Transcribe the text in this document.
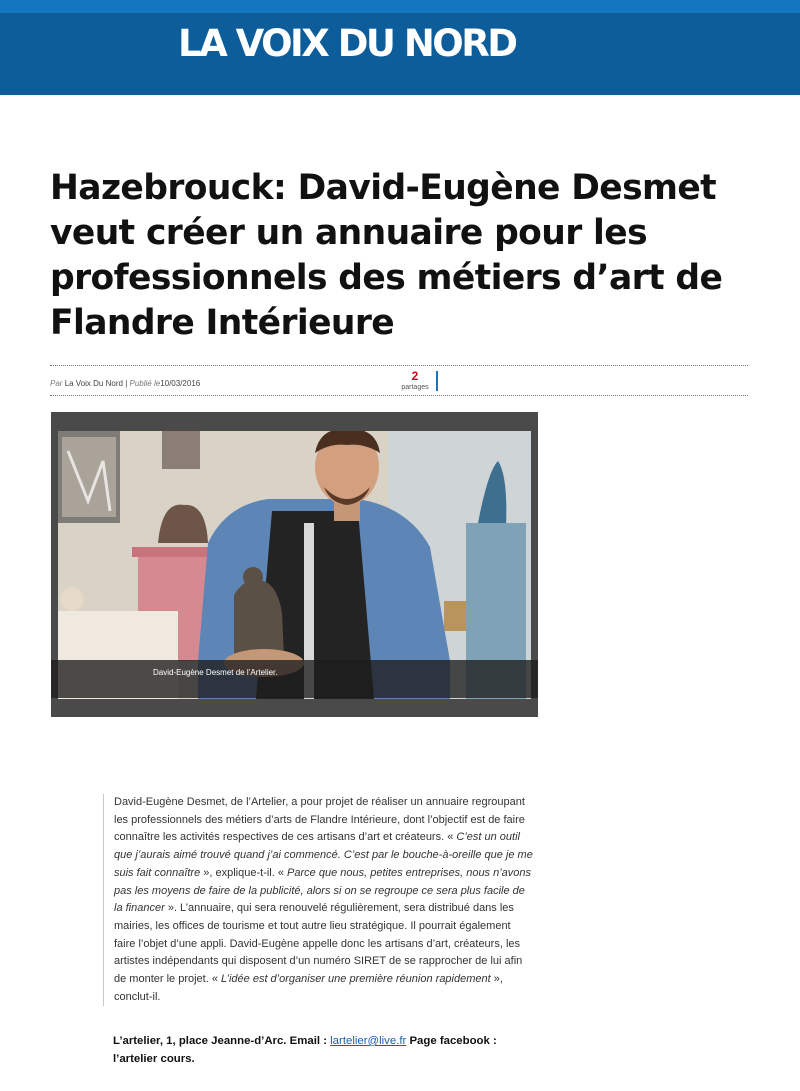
LA VOIX DU NORD
Hazebrouck: David-Eugène Desmet veut créer un annuaire pour les professionnels des métiers d’art de Flandre Intérieure
Par La Voix Du Nord | Publié le10/03/2016
2
partages
David-Eugène Desmet de l’Artelier.

David-Eugène Desmet, de l’Artelier, a pour projet de réaliser un annuaire regroupant les professionnels des métiers d’arts de Flandre Intérieure, dont l’objectif est de faire connaître les activités respectives de ces artisans d’art et créateurs. « C’est un outil que j’aurais aimé trouvé quand j’ai commencé. C’est par le bouche-à-oreille que je me suis fait connaître », explique-t-il. « Parce que nous, petites entreprises, nous n’avons pas les moyens de faire de la publicité, alors si on se regroupe ce sera plus facile de la financer ». L’annuaire, qui sera renouvelé régulièrement, sera distribué dans les mairies, les offices de tourisme et tout autre lieu stratégique. Il pourrait également faire l’objet d’une appli. David-Eugène appelle donc les artisans d’art, créateurs, les artistes indépendants qui disposent d’un numéro SIRET de se rapprocher de lui afin de monter le projet. « L’idée est d’organiser une première réunion rapidement », conclut-il.

L’artelier, 1, place Jeanne-d’Arc. Email : lartelier@live.fr Page facebook : l’artelier cours.
